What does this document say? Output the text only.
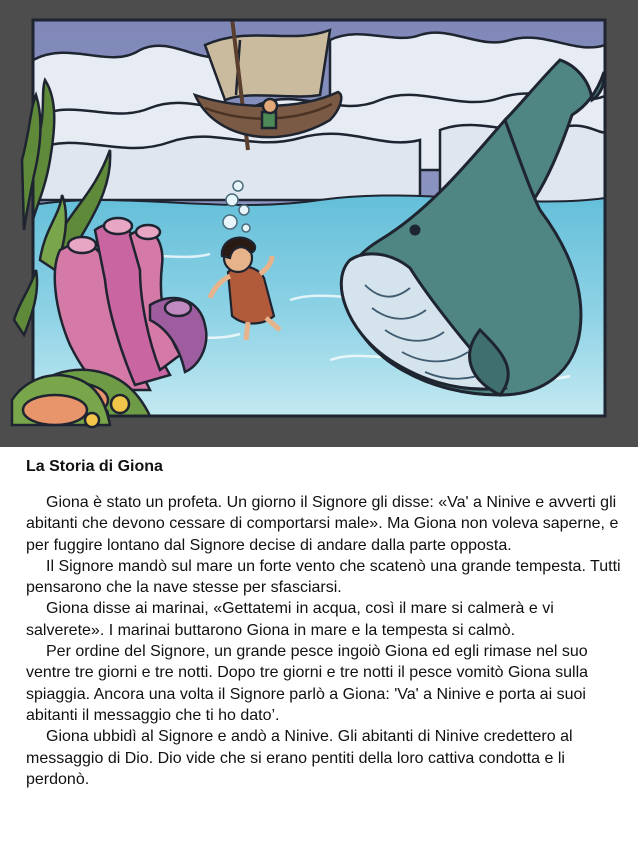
La Storia di Giona

Giona è stato un profeta. Un giorno il Signore gli disse: «Va' a Ninive e avverti gli abitanti che devono cessare di comportarsi male». Ma Giona non voleva saperne, e per fuggire lontano dal Signore decise di andare dalla parte opposta.

Il Signore mandò sul mare un forte vento che scatenò una grande tempesta. Tutti pensarono che la nave stesse per sfasciarsi.

Giona disse ai marinai, «Gettatemi in acqua, così il mare si calmerà e vi salverete». I marinai buttarono Giona in mare e la tempesta si calmò.

Per ordine del Signore, un grande pesce ingoiò Giona ed egli rimase nel suo ventre tre giorni e tre notti. Dopo tre giorni e tre notti il pesce vomitò Giona sulla spiaggia. Ancora una volta il Signore parlò a Giona: 'Va' a Ninive e porta ai suoi abitanti il messaggio che ti ho dato’.

Giona ubbidì al Signore e andò a Ninive. Gli abitanti di Ninive credettero al messaggio di Dio. Dio vide che si erano pentiti della loro cattiva condotta e li perdonò.
